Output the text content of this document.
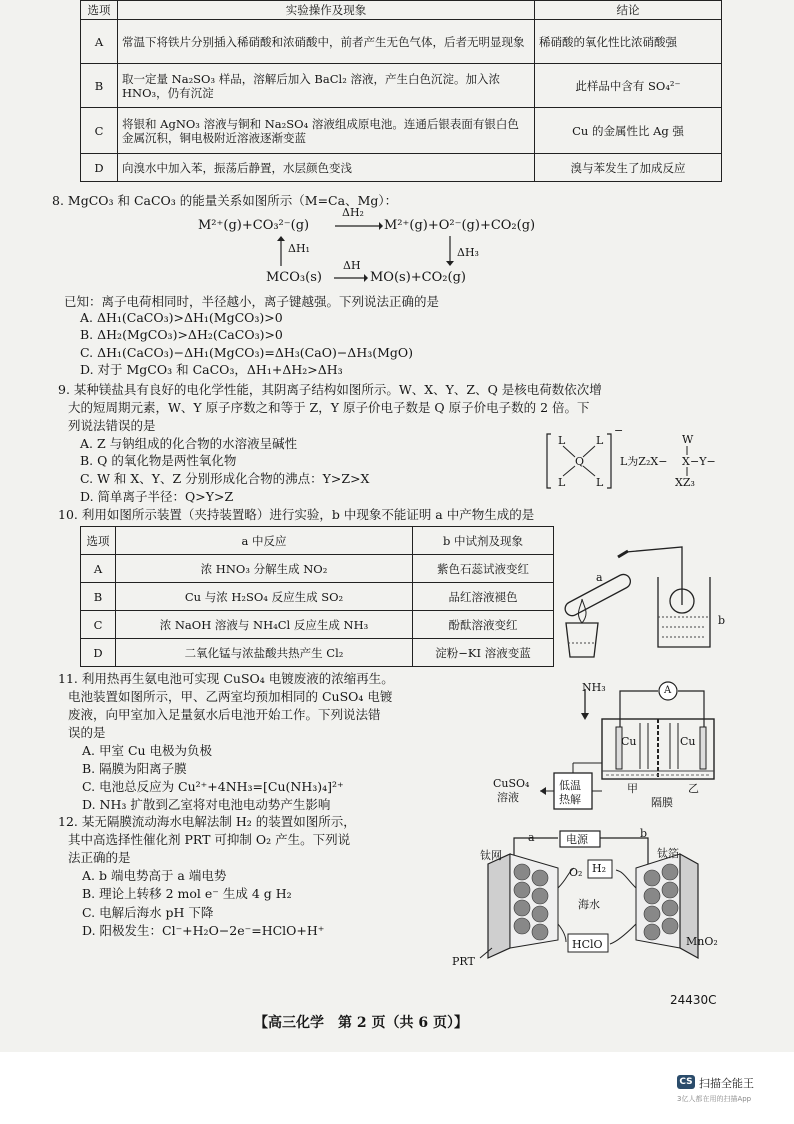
选项	实验操作及现象	结论
A	常温下将铁片分别插入稀硝酸和浓硝酸中，前者产生无色气体，后者无明显现象	稀硝酸的氧化性比浓硝酸强
B	取一定量 Na₂SO₃ 样品，溶解后加入 BaCl₂ 溶液，产生白色沉淀。加入浓 HNO₃，仍有沉淀	此样品中含有 SO₄²⁻
C	将银和 AgNO₃ 溶液与铜和 Na₂SO₄ 溶液组成原电池。连通后银表面有银白色金属沉积，铜电极附近溶液逐渐变蓝	Cu 的金属性比 Ag 强
D	向溴水中加入苯，振荡后静置，水层颜色变浅	溴与苯发生了加成反应
8. MgCO₃ 和 CaCO₃ 的能量关系如图所示（M=Ca、Mg）：
M²⁺(g)+CO₃²⁻(g)
ΔH₂
M²⁺(g)+O²⁻(g)+CO₂(g)
ΔH₁	ΔH₃
MCO₃(s)
ΔH
MO(s)+CO₂(g)
已知：离子电荷相同时，半径越小，离子键越强。下列说法正确的是
A. ΔH₁(CaCO₃)>ΔH₁(MgCO₃)>0
B. ΔH₂(MgCO₃)>ΔH₂(CaCO₃)>0
C. ΔH₁(CaCO₃)−ΔH₁(MgCO₃)=ΔH₃(CaO)−ΔH₃(MgO)
D. 对于 MgCO₃ 和 CaCO₃，ΔH₁+ΔH₂>ΔH₃
9. 某种镁盐具有良好的电化学性能，其阴离子结构如图所示。W、X、Y、Z、Q 是核电荷数依次增
大的短周期元素，W、Y 原子序数之和等于 Z，Y 原子价电子数是 Q 原子价电子数的 2 倍。下
列说法错误的是
A. Z 与钠组成的化合物的水溶液呈碱性
B. Q 的氧化物是两性氧化物
C. W 和 X、Y、Z 分别形成化合物的沸点：Y>Z>X
D. 简单离子半径：Q>Y>Z
L	L
Q
L	L
−
L为Z₂X−
W
X −Y−
XZ₃
10. 利用如图所示装置（夹持装置略）进行实验，b 中现象不能证明 a 中产物生成的是
选项	a 中反应	b 中试剂及现象
A	浓 HNO₃ 分解生成 NO₂	紫色石蕊试液变红
B	Cu 与浓 H₂SO₄ 反应生成 SO₂	品红溶液褪色
C	浓 NaOH 溶液与 NH₄Cl 反应生成 NH₃	酚酞溶液变红
D	二氧化锰与浓盐酸共热产生 Cl₂	淀粉−KI 溶液变蓝
a
b
11. 利用热再生氨电池可实现 CuSO₄ 电镀废液的浓缩再生。
电池装置如图所示，甲、乙两室均预加相同的 CuSO₄ 电镀
废液，向甲室加入足量氨水后电池开始工作。下列说法错
误的是
A. 甲室 Cu 电极为负极
B. 隔膜为阳离子膜
C. 电池总反应为 Cu²⁺+4NH₃=[Cu(NH₃)₄]²⁺
D. NH₃ 扩散到乙室将对电池电动势产生影响
NH₃	A
Cu	Cu
CuSO₄
溶液
低温
热解
甲	乙
隔膜
12. 某无隔膜流动海水电解法制 H₂ 的装置如图所示，
其中高选择性催化剂 PRT 可抑制 O₂ 产生。下列说
法正确的是
A. b 端电势高于 a 端电势
B. 理论上转移 2 mol e⁻ 生成 4 g H₂
C. 电解后海水 pH 下降
D. 阳极发生：Cl⁻+H₂O−2e⁻=HClO+H⁺
a	b
电源
钛网	钛箔
O₂ H₂
海水
HClO
PRT
MnO₂
24430C
【高三化学　第 2 页（共 6 页）】
CS 扫描全能王
3亿人都在用的扫描App
